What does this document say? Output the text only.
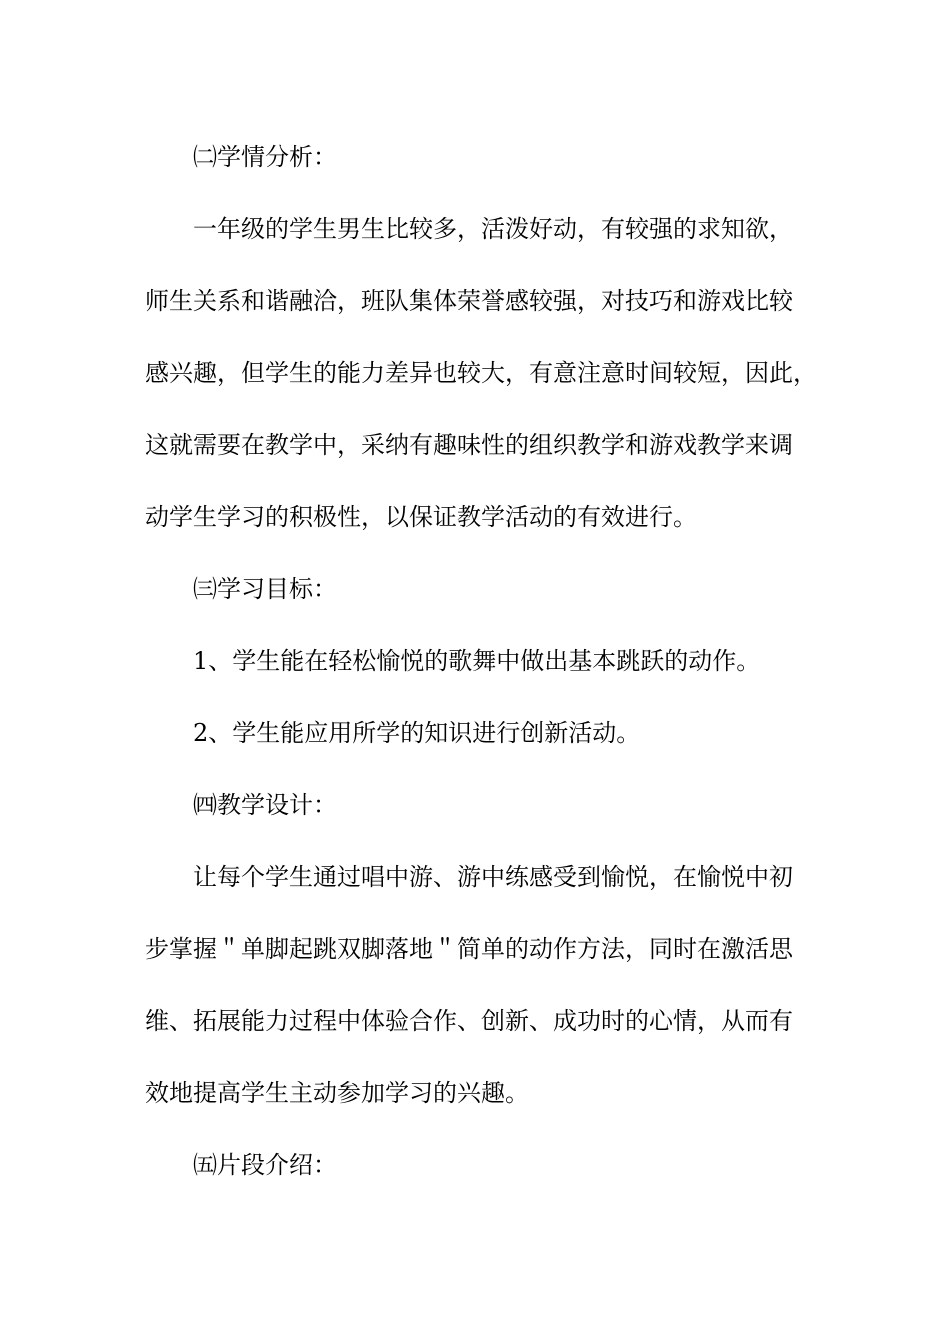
㈡学情分析：
一年级的学生男生比较多，活泼好动，有较强的求知欲，
师生关系和谐融洽，班队集体荣誉感较强，对技巧和游戏比较
感兴趣，但学生的能力差异也较大，有意注意时间较短，因此，
这就需要在教学中，采纳有趣味性的组织教学和游戏教学来调
动学生学习的积极性，以保证教学活动的有效进行。
㈢学习目标：
1、学生能在轻松愉悦的歌舞中做出基本跳跃的动作。
2、学生能应用所学的知识进行创新活动。
㈣教学设计：
让每个学生通过唱中游、游中练感受到愉悦，在愉悦中初
步掌握＂单脚起跳双脚落地＂简单的动作方法，同时在激活思
维、拓展能力过程中体验合作、创新、成功时的心情，从而有
效地提高学生主动参加学习的兴趣。
㈤片段介绍：
